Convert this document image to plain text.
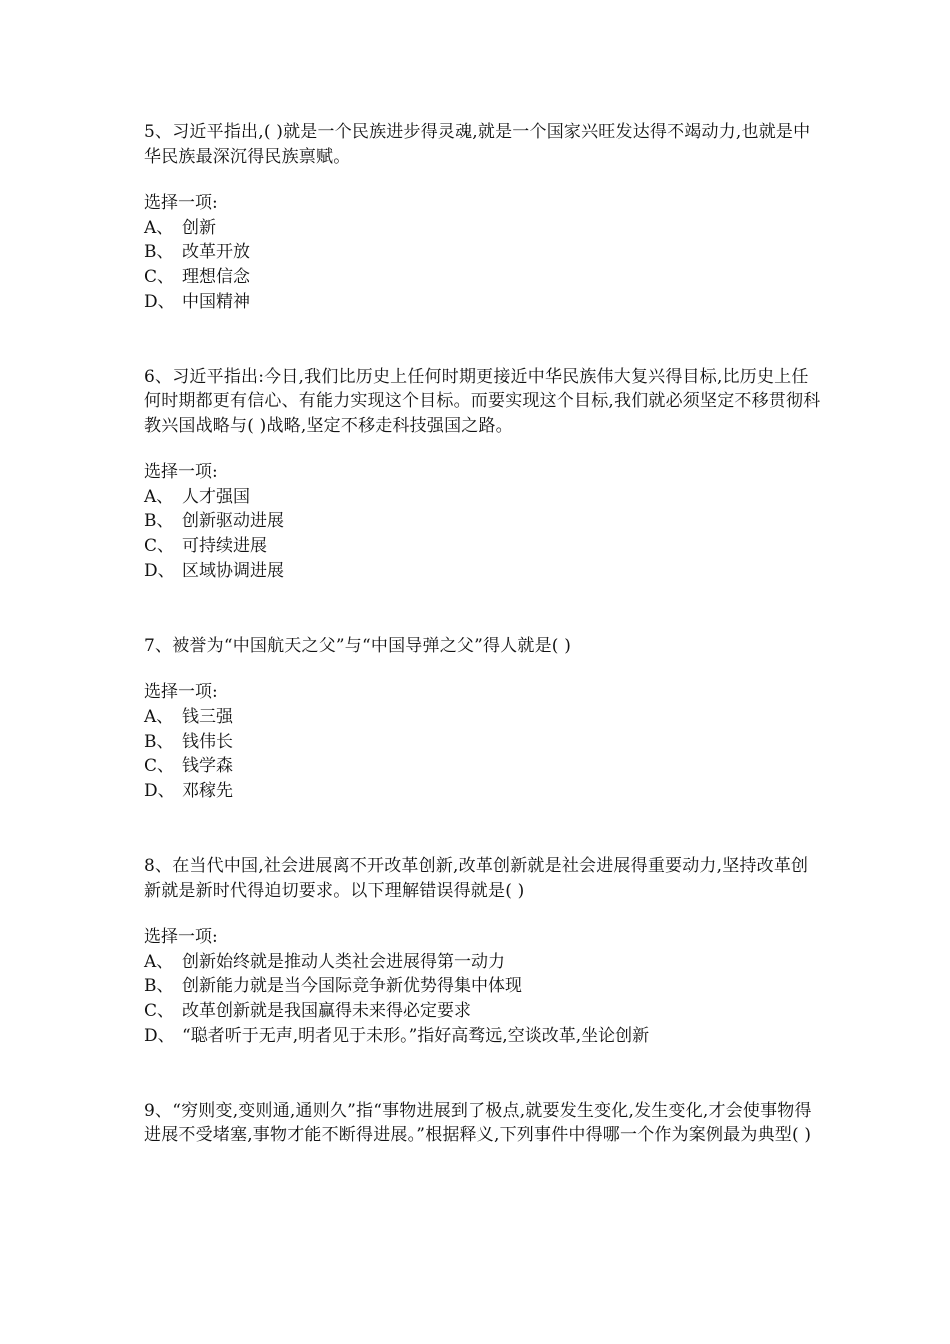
5、习近平指出,( )就是一个民族进步得灵魂,就是一个国家兴旺发达得不竭动力,也就是中华民族最深沉得民族禀赋。

选择一项:

A、 创新
B、 改革开放
C、 理想信念
D、 中国精神

6、习近平指出:今日,我们比历史上任何时期更接近中华民族伟大复兴得目标,比历史上任何时期都更有信心、有能力实现这个目标。而要实现这个目标,我们就必须坚定不移贯彻科教兴国战略与( )战略,坚定不移走科技强国之路。

选择一项:

A、 人才强国
B、 创新驱动进展
C、 可持续进展
D、 区域协调进展

7、被誉为“中国航天之父”与“中国导弹之父”得人就是( )

选择一项:

A、 钱三强
B、 钱伟长
C、 钱学森
D、 邓稼先

8、在当代中国,社会进展离不开改革创新,改革创新就是社会进展得重要动力,坚持改革创新就是新时代得迫切要求。以下理解错误得就是( )

选择一项:

A、 创新始终就是推动人类社会进展得第一动力
B、 创新能力就是当今国际竞争新优势得集中体现
C、 改革创新就是我国赢得未来得必定要求
D、 “聪者听于无声,明者见于未形。”指好高骛远,空谈改革,坐论创新

9、“穷则变,变则通,通则久”指“事物进展到了极点,就要发生变化,发生变化,才会使事物得进展不受堵塞,事物才能不断得进展。”根据释义,下列事件中得哪一个作为案例最为典型( )
